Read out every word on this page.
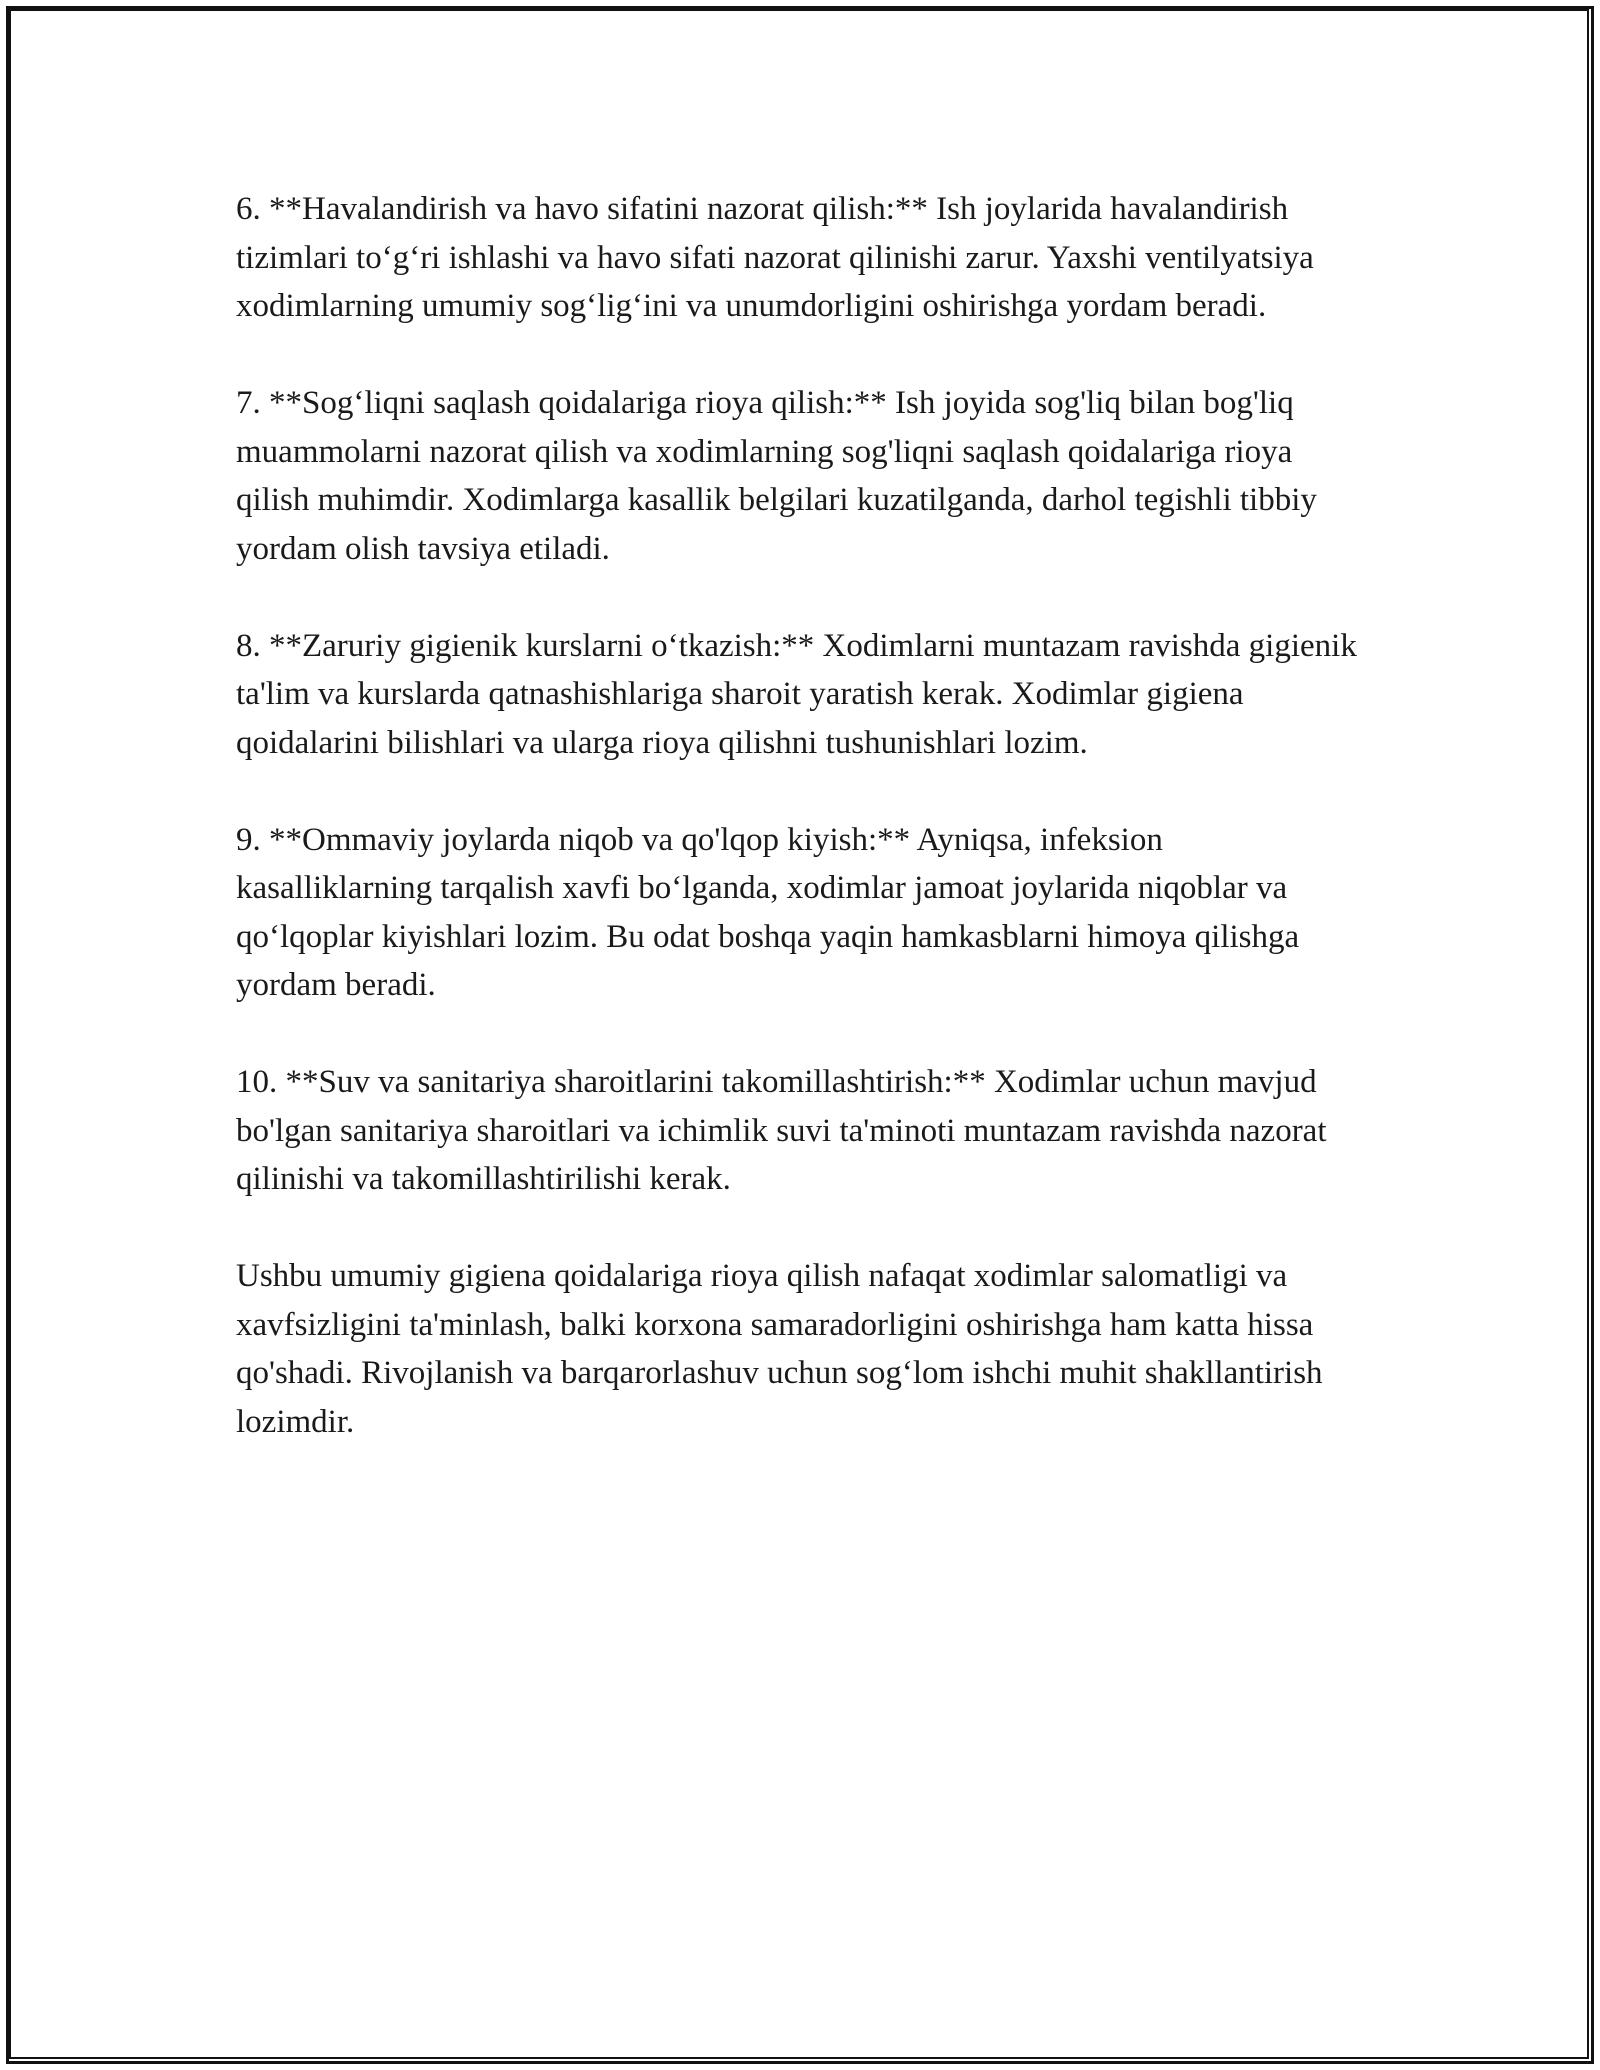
6. **Havalandirish va havo sifatini nazorat qilish:** Ish joylarida havalandirish tizimlari to‘g‘ri ishlashi va havo sifati nazorat qilinishi zarur. Yaxshi ventilyatsiya xodimlarning umumiy sog‘lig‘ini va unumdorligini oshirishga yordam beradi.

7. **Sog‘liqni saqlash qoidalariga rioya qilish:** Ish joyida sog'liq bilan bog'liq muammolarni nazorat qilish va xodimlarning sog'liqni saqlash qoidalariga rioya qilish muhimdir. Xodimlarga kasallik belgilari kuzatilganda, darhol tegishli tibbiy yordam olish tavsiya etiladi.

8. **Zaruriy gigienik kurslarni o‘tkazish:** Xodimlarni muntazam ravishda gigienik ta'lim va kurslarda qatnashishlariga sharoit yaratish kerak. Xodimlar gigiena qoidalarini bilishlari va ularga rioya qilishni tushunishlari lozim.

9. **Ommaviy joylarda niqob va qo'lqop kiyish:** Ayniqsa, infeksion kasalliklarning tarqalish xavfi bo‘lganda, xodimlar jamoat joylarida niqoblar va qo‘lqoplar kiyishlari lozim. Bu odat boshqa yaqin hamkasblarni himoya qilishga yordam beradi.

10. **Suv va sanitariya sharoitlarini takomillashtirish:** Xodimlar uchun mavjud bo'lgan sanitariya sharoitlari va ichimlik suvi ta'minoti muntazam ravishda nazorat qilinishi va takomillashtirilishi kerak.

Ushbu umumiy gigiena qoidalariga rioya qilish nafaqat xodimlar salomatligi va xavfsizligini ta'minlash, balki korxona samaradorligini oshirishga ham katta hissa qo'shadi. Rivojlanish va barqarorlashuv uchun sog‘lom ishchi muhit shakllantirish lozimdir.
